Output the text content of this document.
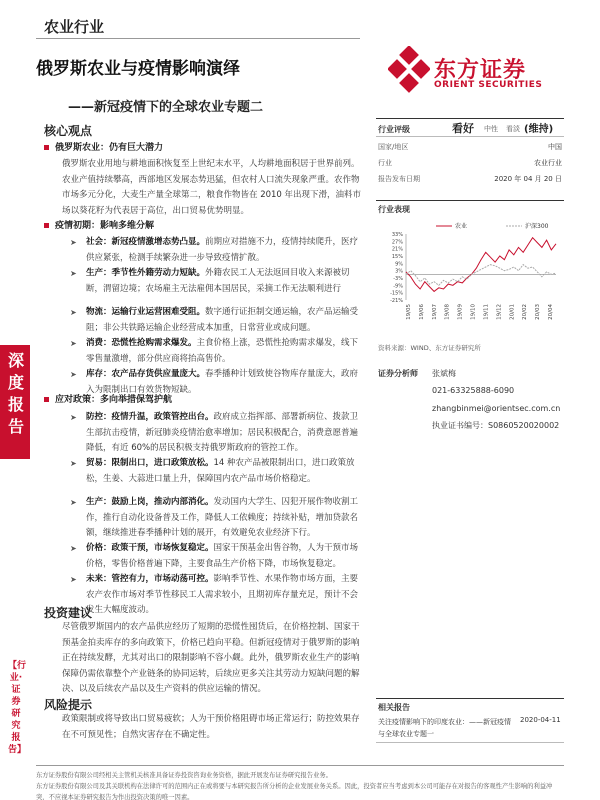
农业行业
俄罗斯农业与疫情影响演绎
——新冠疫情下的全球农业专题二
东方证券
ORIENT SECURITIES
深度报告
【行业·证券研究报告】
核心观点
俄罗斯农业：仍有巨大潜力
俄罗斯农业用地与耕地面积恢复至上世纪末水平，人均耕地面积居于世界前列。农业产值持续攀高，西部地区发展态势迅猛，但农村人口流失现象严重。农作物市场多元分化，大麦生产量全球第二，粮食作物皆在 2010 年出现下滑，油料市场以葵花籽为代表居于高位，出口贸易优势明显。
疫情初期：影响多维分解
➤ 社会：新冠疫情激增态势凸显。前期应对措施不力，疫情持续爬升，医疗供应紧张，检测手续繁杂进一步导致疫情扩散。
➤ 生产：季节性外籍劳动力短缺。外籍农民工人无法返回目收入来源被切断，渭留边境；农场雇主无法雇佣本国居民，采摘工作无法顺利进行
➤ 物流：运输行业运营困难受阻。数字通行证拒制交通运输，农产品运输受阻；非公共铁路运输企业经营成本加重，日常营业或成问题。
➤ 消费：恐慌性抢购需求爆发。主食价格上涨，恐慌性抢购需求爆发，线下零售量激增，部分供应商将抬高售价。
➤ 库存：农产品存货供应量庞大。春季播种计划致使谷物库存量庞大，政府入为限制出口有效货物短缺。
应对政策：多向举措保驾护航
➤ 防控：疫情升温，政策管控出台。政府成立指挥部、部署新病位、拨款卫生部抗击疫情，新冠肺炎疫情治愈率增加；居民积极配合，消费意愿普遍降低，有近 60%的居民积极支持俄罗斯政府的管控工作。
➤ 贸易：限制出口，进口政策放松。14 种农产品被限制出口，进口政策放松，生姜、大蒜进口量上升，保障国内农产品市场价格稳定。
➤ 生产：鼓励上岗，推动内部消化。发动国内大学生、囚犯开展作物收割工作，推行自动化设备普及工作，降低人工依赖度；持续补贴，增加贷款名额，继续推进春季播种计划的展开，有效避免农业经济下行。
➤ 价格：政策干预，市场恢复稳定。国家干预基金出售谷物，人为干预市场价格，零售价格普遍下降，主要食品生产价格下降，市场恢复稳定。
➤ 未来：管控有力，市场动荡可控。影响季节性、水果作物市场方面，主要农产农作市场对季节性移民工人需求较小，且期初库存量充足，预计不会发生大幅度波动。
投资建议
尽管俄罗斯国内的农产品供应经历了短期的恐慌性囤货后，在价格控制、国家干预基金拍卖库存的多向政策下，价格已趋向平稳。但新冠疫情对于俄罗斯的影响正在持续发酵，尤其对出口的限制影响不容小觑。此外，俄罗斯农业生产的影响保障仍需依靠整个产业链条的协同运转，后续应更多关注其劳动力短缺问题的解决、以及后续农产品以及生产资料的供应运输的情况。
风险提示
政策限制或将导致出口贸易疲软；人为干预价格阻碍市场正常运行；防控效果存在不可预见性；自然灾害存在不确定性。
行业评级	看好 中性 看淡 (维持)
国家/地区	中国
行业	农业行业
报告发布日期	2020 年 04 月 20 日
行业表现
33%
27%
21%
15%
9%
3%
-3%
-9%
-15%
-21%
19/05 19/06 19/07 19/08 19/09 19/10 19/11 19/12 20/01 20/02 20/03 20/04
农业	沪深300
资料来源：WIND、东方证券研究所
证券分析师 张斌梅
021-63325888-6090
zhangbinmei@orientsec.com.cn
执业证书编号：S0860520020002
相关报告
关注疫情影响下的印度农业：——新冠疫情与全球农业专题一
2020-04-11
东方证券股份有限公司经相关主管机关核准具备证券投资咨询业务资格，据此开展发布证券研究报告业务。
东方证券股份有限公司及其关联机构在法律许可的范围内正在或将要与本研究报告所分析的企业发展业务关系。因此，投资者应当考虑到本公司可能存在对报告的客观性产生影响的利益冲突，不应视本证券研究报告为作出投资决策的唯一因素。
